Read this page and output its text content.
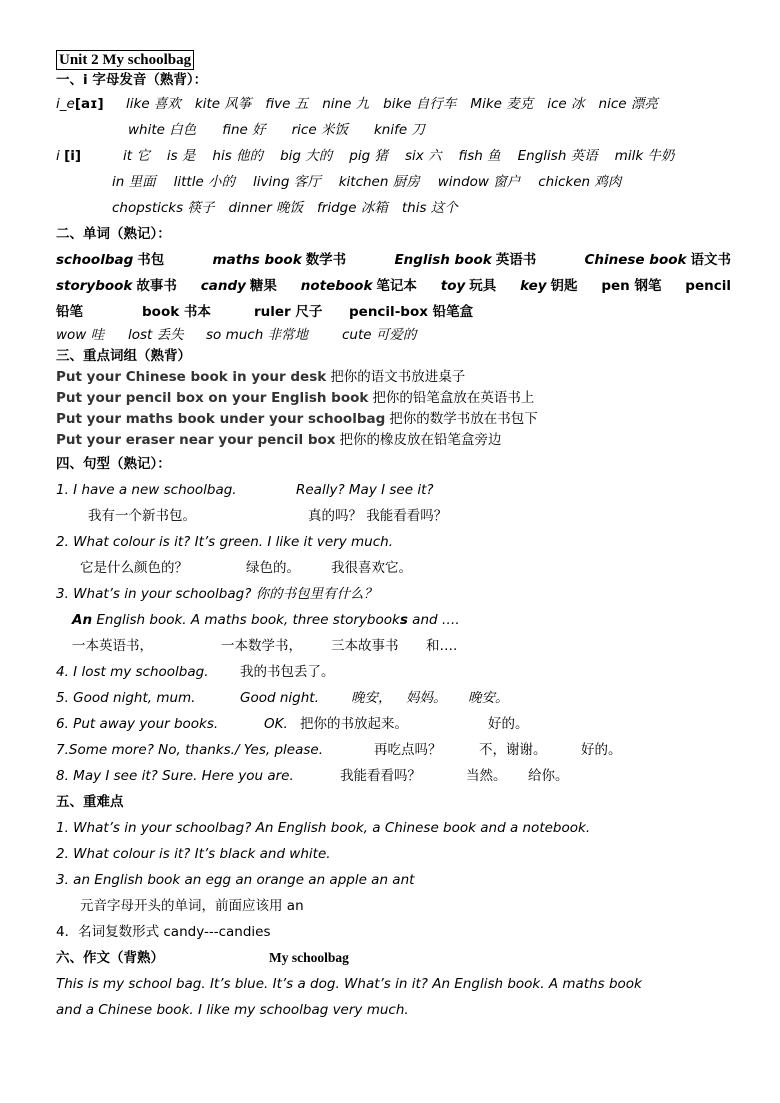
Unit 2 My schoolbag
一、i 字母发音（熟背）：
i_e[aɪ] like 喜欢 kite 风筝 five 五 nine 九 bike 自行车 Mike 麦克 ice 冰 nice 漂亮
white 白色 fine 好 rice 米饭 knife 刀
i [i]	it 它 is 是 his 他的 big 大的 pig 猪 six 六 fish 鱼 English 英语 milk 牛奶
in 里面 little 小的 living 客厅 kitchen 厨房 window 窗户 chicken 鸡肉
chopsticks 筷子 dinner 晚饭 fridge 冰箱 this 这个
二、单词（熟记）：
schoolbag 书包	maths book 数学书	English book 英语书	Chinese book 语文书
storybook 故事书 candy 糖果 notebook 笔记本 toy 玩具 key 钥匙 pen 钢笔 pencil
铅笔	book 书本	ruler 尺子 pencil-box 铅笔盒
wow 哇 lost 丢失 so much 非常地	cute 可爱的
三、重点词组（熟背）
Put your Chinese book in your desk 把你的语文书放进桌子
Put your pencil box on your English book 把你的铅笔盒放在英语书上
Put your maths book under your schoolbag 把你的数学书放在书包下
Put your eraser near your pencil box 把你的橡皮放在铅笔盒旁边
四、句型（熟记）：
1. I have a new schoolbag.	Really? May I see it?
我有一个新书包。	真的吗？ 我能看看吗？
2. What colour is it? It’s green. I like it very much.
它是什么颜色的？	绿色的。 我很喜欢它。
3. What’s in your schoolbag? 你的书包里有什么？
An English book. A maths book, three storybooks and ….
一本英语书，	一本数学书， 三本故事书 和….
4. I lost my schoolbag. 我的书包丢了。
5. Good night, mum.	Good night. 晚安， 妈妈。 晚安。
6. Put away your books.	OK. 把你的书放起来。	好的。
7.Some more? No, thanks./ Yes, please.	再吃点吗？	不，谢谢。	好的。
8. May I see it? Sure. Here you are.	我能看看吗？	当然。 给你。
五、重难点
1. What’s in your schoolbag? An English book, a Chinese book and a notebook.
2. What colour is it? It’s black and white.
3. an English book an egg an orange an apple an ant
元音字母开头的单词，前面应该用 an
4．名词复数形式 candy---candies
六、作文（背熟）	My schoolbag
This is my school bag. It’s blue. It’s a dog. What’s in it? An English book. A maths book
and a Chinese book. I like my schoolbag very much.
